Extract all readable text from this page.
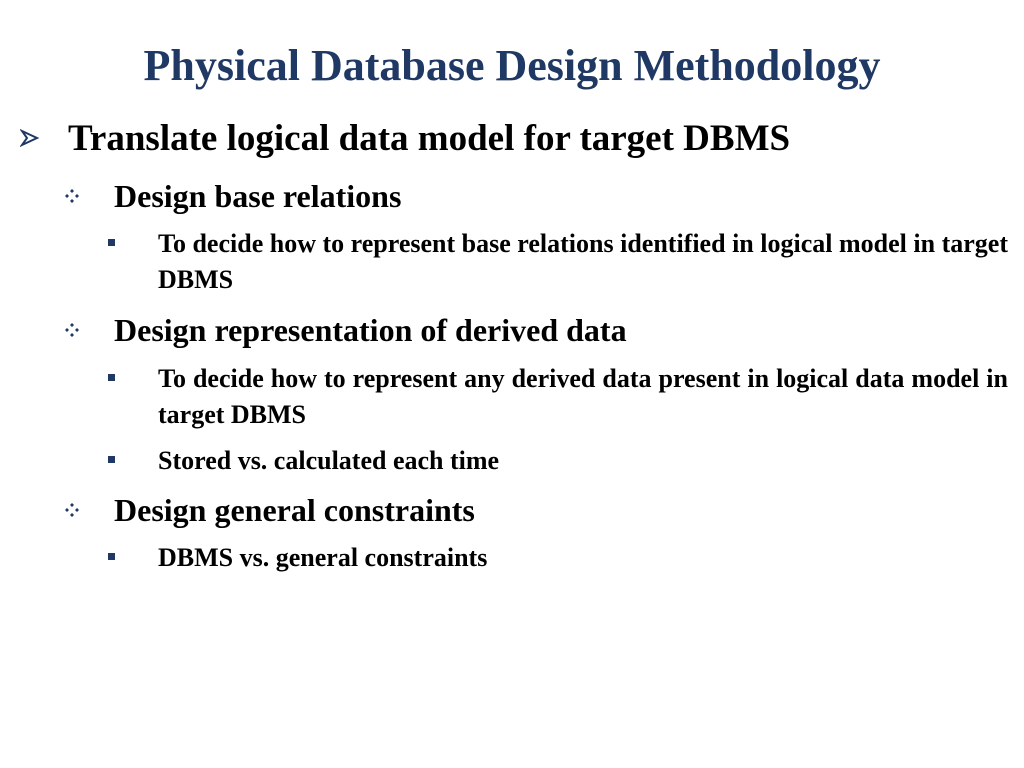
Physical Database Design Methodology
Translate logical data model for target DBMS
Design base relations
To decide how to represent base relations identified in logical model in target DBMS
Design representation of derived data
To decide how to represent any derived data present in logical data model in target DBMS
Stored vs. calculated each time
Design general constraints
DBMS vs. general constraints
